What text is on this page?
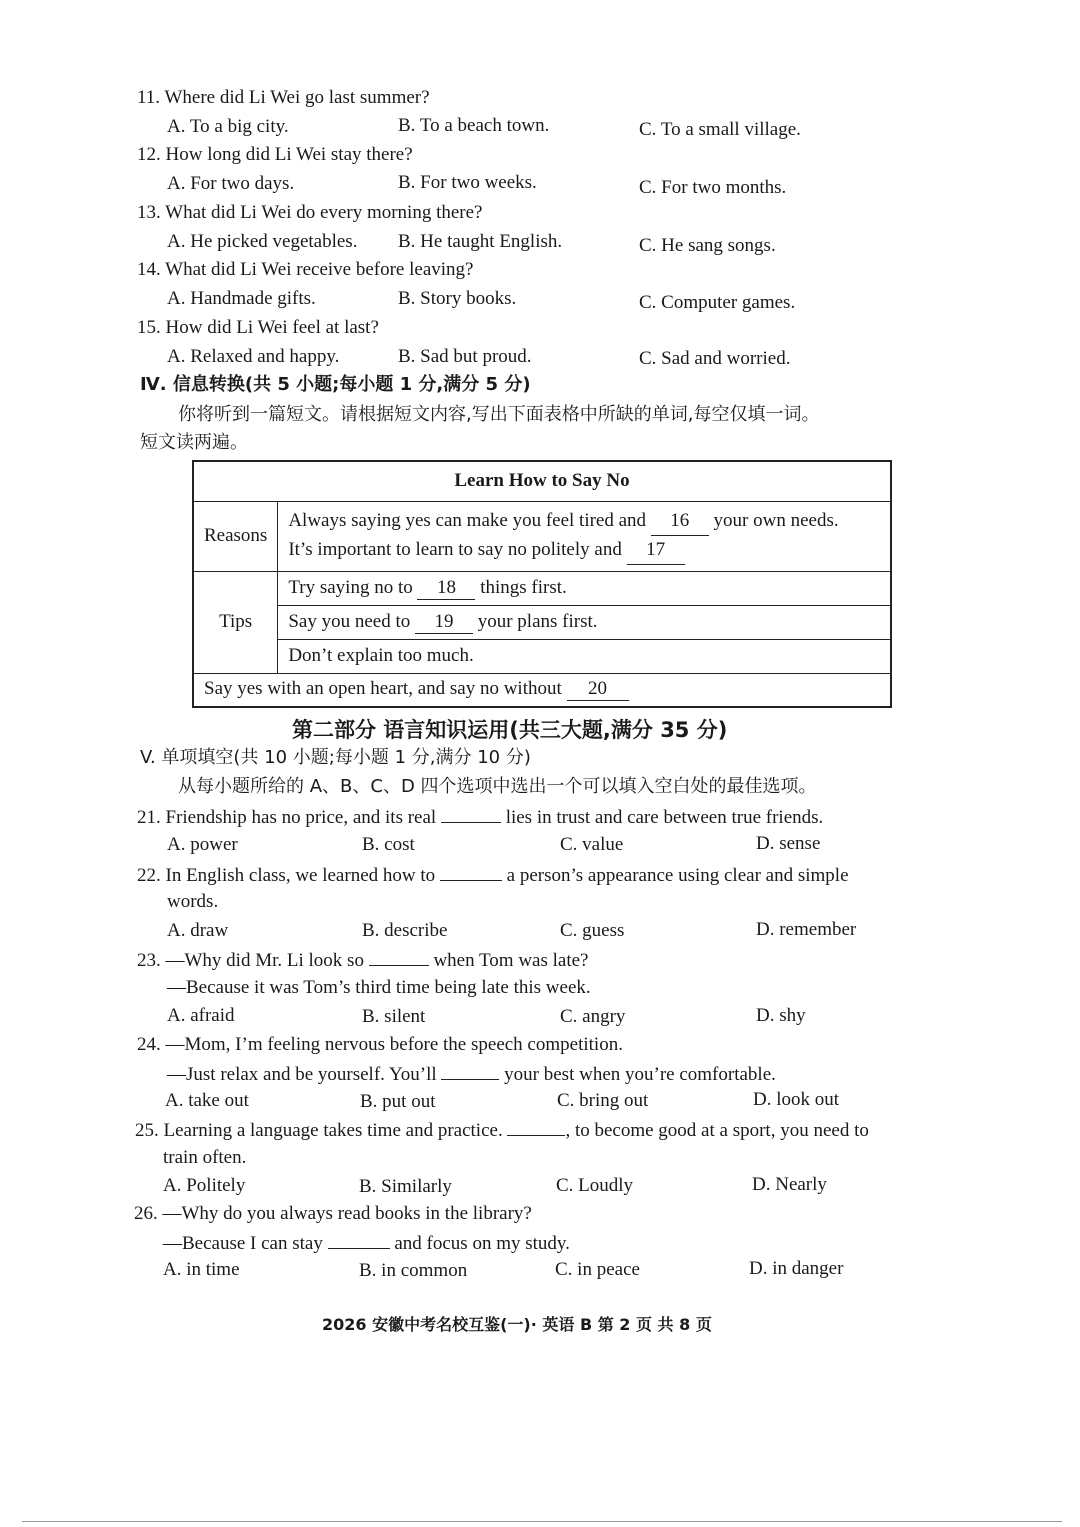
11. Where did Li Wei go last summer?
A. To a big city.	B. To a beach town.	C. To a small village.
12. How long did Li Wei stay there?
A. For two days.	B. For two weeks.	C. For two months.
13. What did Li Wei do every morning there?
A. He picked vegetables. B. He taught English.	C. He sang songs.
14. What did Li Wei receive before leaving?
A. Handmade gifts.	B. Story books.	C. Computer games.
15. How did Li Wei feel at last?
A. Relaxed and happy.	B. Sad but proud.	C. Sad and worried.
Ⅳ. 信息转换(共 5 小题;每小题 1 分,满分 5 分)
你将听到一篇短文。请根据短文内容,写出下面表格中所缺的单词,每空仅填一词。
短文读两遍。
Learn How to Say No	
Reasons	Always saying yes can make you feel tired and 16 your own needs.
It’s important to learn to say no politely and 17

Tips	Try saying no to 18 things first.
	Say you need to 19 your plans first.
	Don’t explain too much.
Say yes with an open heart, and say no without 20	
第二部分 语言知识运用(共三大题,满分 35 分)
V. 单项填空(共 10 小题;每小题 1 分,满分 10 分)
从每小题所给的 A、B、C、D 四个选项中选出一个可以填入空白处的最佳选项。
21. Friendship has no price, and its real	lies in trust and care between true friends.
A. power	B. cost	C. value	D. sense
22. In English class, we learned how to	a person’s appearance using clear and simple
words.
A. draw	B. describe	C. guess	D. remember
23. —Why did Mr. Li look so	when Tom was late?
—Because it was Tom’s third time being late this week.
A. afraid	B. silent	C. angry	D. shy
24. —Mom, I’m feeling nervous before the speech competition.
—Just relax and be yourself. You’ll	your best when you’re comfortable.
A. take out	B. put out	C. bring out	D. look out
25. Learning a language takes time and practice.	, to become good at a sport, you need to
train often.
A. Politely	B. Similarly	C. Loudly	D. Nearly
26. —Why do you always read books in the library?
—Because I can stay	and focus on my study.
A. in time	B. in common	C. in peace	D. in danger
2026 安徽中考名校互鉴(一)· 英语 B 第 2 页 共 8 页
